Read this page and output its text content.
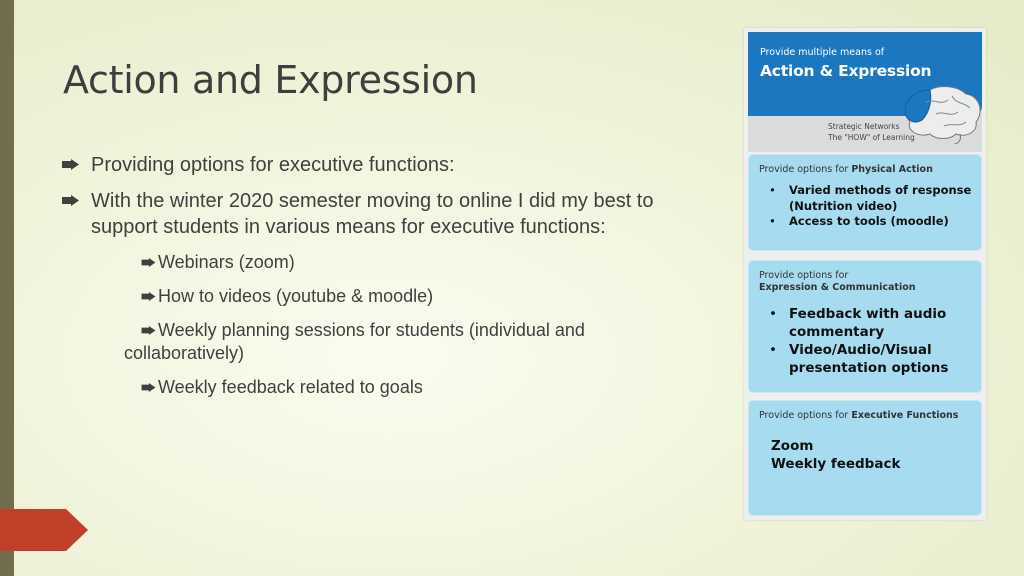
Action and Expression
Providing options for executive functions:
With the winter 2020 semester moving to online I did my best to support students in various means for executive functions:
Webinars (zoom)
How to videos (youtube & moodle)
Weekly planning sessions for students (individual and
collaboratively)
Weekly feedback related to goals
Provide multiple means of
Action & Expression
Strategic Networks
The "HOW" of Learning
Provide options for Physical Action
• Varied methods of response (Nutrition video)
• Access to tools (moodle)
Provide options for
Expression & Communication
• Feedback with audio commentary
• Video/Audio/Visual presentation options
Provide options for Executive Functions
Zoom
Weekly feedback
